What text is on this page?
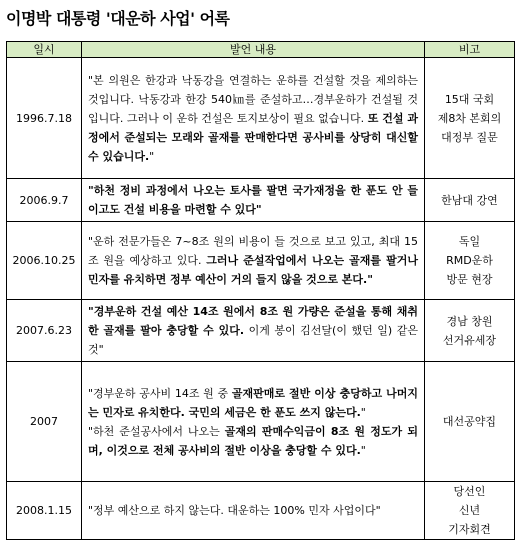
이명박 대통령 '대운하 사업' 어록
일시	발언 내용	비고
1996.7.18	"본 의원은 한강과 낙동강을 연결하는 운하를 건설할 것을 제의하는 것입니다. 낙동강과 한강 540㎞를 준설하고…경부운하가 건설될 것입니다. 그러나 이 운하 건설은 토지보상이 필요 없습니다. 또 건설 과정에서 준설되는 모래와 골재를 판매한다면 공사비를 상당히 대신할 수 있습니다."	15대 국회
제8차 본회의
대정부 질문

2006.9.7	"하천 정비 과정에서 나오는 토사를 팔면 국가재정을 한 푼도 안 들이고도 건설 비용을 마련할 수 있다"	한남대 강연

2006.10.25	"운하 전문가들은 7~8조 원의 비용이 들 것으로 보고 있고, 최대 15조 원을 예상하고 있다. 그러나 준설작업에서 나오는 골재를 팔거나 민자를 유치하면 정부 예산이 거의 들지 않을 것으로 본다."	독일
RMD운하
방문 현장

2007.6.23	"경부운하 건설 예산 14조 원에서 8조 원 가량은 준설을 통해 채취한 골재를 팔아 충당할 수 있다. 이게 봉이 김선달(이 했던 일) 같은 것"	경남 창원
선거유세장

2007	"경부운하 공사비 14조 원 중 골재판매로 절반 이상 충당하고 나머지는 민자로 유치한다. 국민의 세금은 한 푼도 쓰지 않는다."
"하천 준설공사에서 나오는 골재의 판매수익금이 8조 원 정도가 되며, 이것으로 전체 공사비의 절반 이상을 충당할 수 있다."	대선공약집

2008.1.15	"정부 예산으로 하지 않는다. 대운하는 100% 민자 사업이다"	당선인
신년
기자회견
